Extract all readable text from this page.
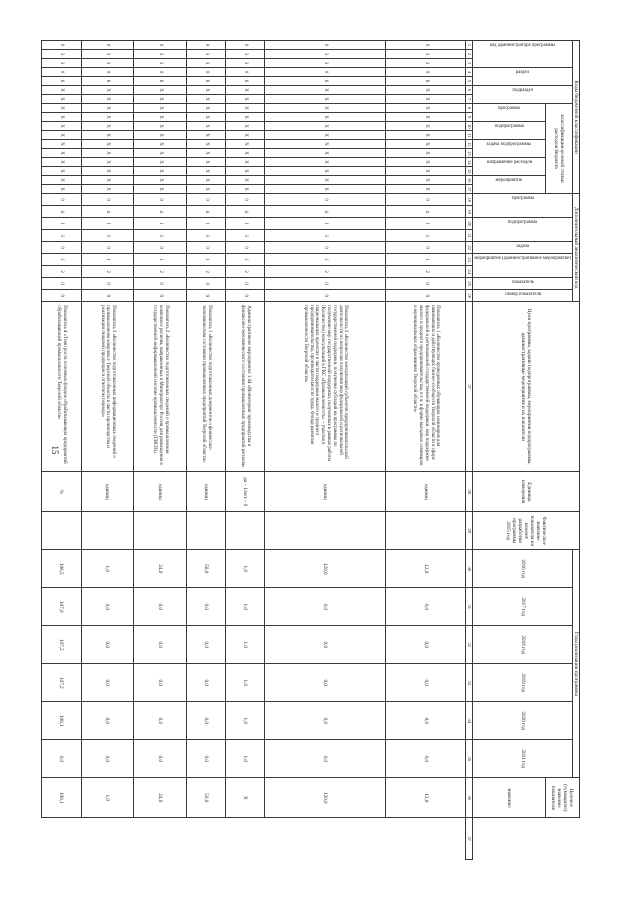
15
Коды бюджетной классификации																	Дополнительный аналитический код									Цели программы, задачи подпрограммы, мероприятия подпрограммы, административные мероприятия и их показатели	Единица измерения	Фактическое значение показателя на момент разработки программы 2015 год	Годы реализации программы						Целевое (суммарное) значение показателя	

код администратора программы			раздел		подраздел		классификация целевой статьи расходов бюджета										программа		подпрограмма		задача	мероприятие (административное мероприятие)		показатель	номер показателя				2016 год	2017 год	2018 год	2019 год	2020 год	2021 год		

							программа		подпрограмма		задача подпрограммы		направление расходов		мероприятие																				значение	
1	2	3	4	5	6	7	8	9	10	11	12	13	14	15	16	17	18	19	20	21	22	23	24	25	26	27	28	29	30	31	32	33	34	35	36	37
0	3	3	0	6	X	X	X	X	X	X	X	X	X	X	X	X	0	4	1	3	0	1	2	0	9	Показатель 1 «Количество проведенных обучающих семинаров для начинающих и действующих бизнес-сообществ Тверской области в сфере федеральной и региональной государственной поддержки, мер поддержки малого и среднего предпринимательства, в т.ч. в форме выездных семинаров в муниципальных образованиях Тверской области»	единиц		12,0	0,0	0,0	0,0	0,0	0,0	12,0	
0	3	3	0	6	X	X	X	X	X	X	X	X	X	X	X	X	0	4	1	3	0	1	2	0	9	Показатель 2 «Количество консультаций субъектов предпринимательской деятельности по вопросам получения мер федеральной и региональной государственной поддержки, получения субсидий на программы по получению мер государственной поддержки, полученных в рамках работы (Количество) консультаций в ГКС «Промышленность» – участия в национальных проектах в части поддержки малого и среднего предпринимательства, производительности труда, Фонда развития промышленности Тверской области»	единиц		120,0	0,0	0,0	0,0	0,0	0,0	120,0	
0	3	3	0	6	X	X	X	X	X	X	X	X	X	X	X	X	0	4	1	3	0	1	2	0	9	Административное мероприятие 1.04 «Мониторинг производства и финансово-экономического состояния промышленных предприятий региона»	да – 1/нет – 0		1,0	1,0	1,0	1,0	1,0	1,0	Х	
0	3	3	0	6	X	X	X	X	X	X	X	X	X	X	X	X	0	4	1	3	0	1	2	0	9	Показатель 1 «Количество подготовленных документов о финансово-экономическом состоянии промышленных предприятий Тверской области»	единиц		50,0	0,0	0,0	0,0	0,0	0,0	50,0	
0	3	3	0	6	X	X	X	X	X	X	X	X	X	X	X	X	0	4	1	3	0	1	2	0	9	Показатель 2 «Количество подготовленных сведений о промышленном комплексе региона, направленных в Минпромторг России для размещения в государственной информационной системе промышленности (ГИСП)»	единиц		24,0	0,0	0,0	0,0	0,0	0,0	24,0	
0	3	3	0	6	X	X	X	X	X	X	X	X	X	X	X	X	0	4	1	3	0	1	2	0	9	Показатель 3 «Количество подготовленных информационных сведений о промышленном комплексе Тверской области в части производства и реализации пищевой продукции в отчетном периоде»	единиц		1,0	0,0	0,0	0,0	0,0	0,0	1,0	
0	3	3	0	6	X	X	X	X	X	X	X	X	X	X	X	X	0	4	1	3	0	1	2	0	9	Показатель 4 «Темп роста основных фондов обрабатывающих предприятий обрабатывающей промышленности Тверской области»	%		106,5	107,0	107,2	107,2	108,1	0,0	108,1	
